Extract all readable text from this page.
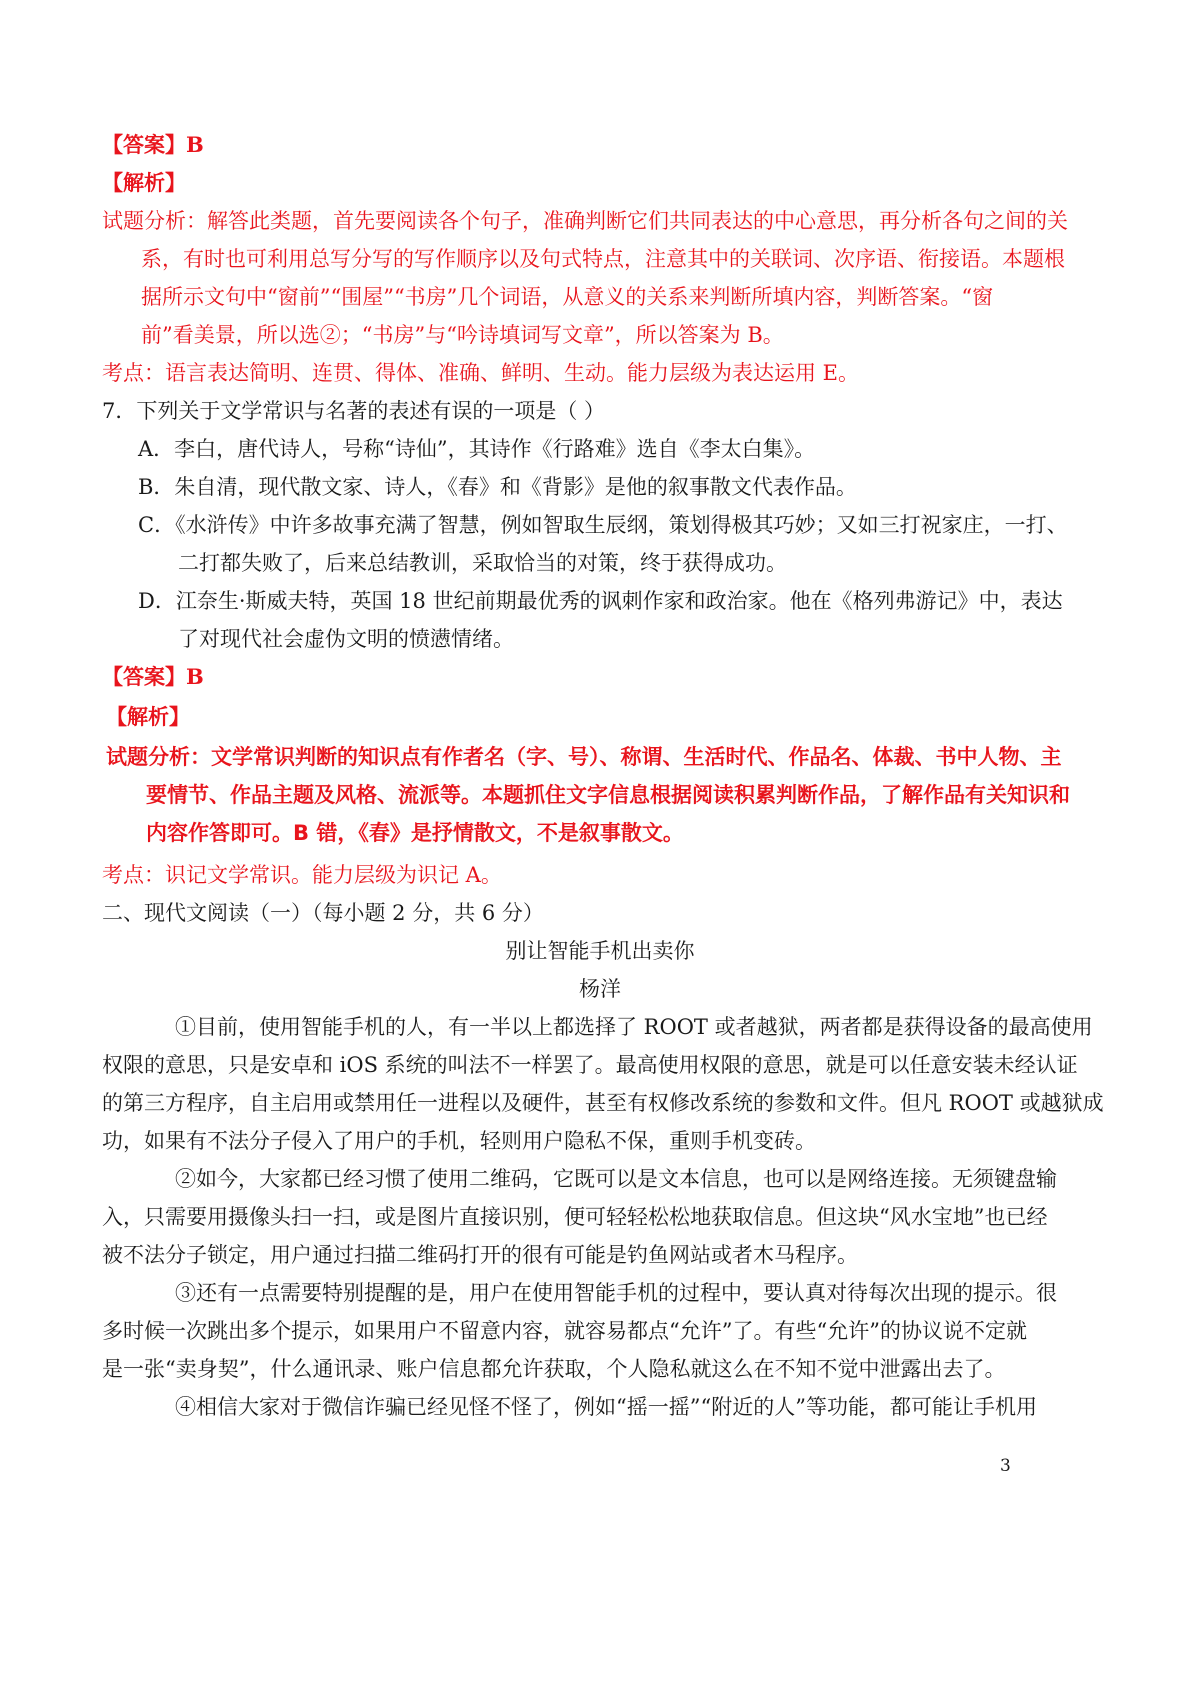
【答案】B
【解析】
试题分析：解答此类题，首先要阅读各个句子，准确判断它们共同表达的中心意思，再分析各句之间的关
系，有时也可利用总写分写的写作顺序以及句式特点，注意其中的关联词、次序语、衔接语。本题根
据所示文句中“窗前”“围屋”“书房”几个词语，从意义的关系来判断所填内容，判断答案。“窗
前”看美景，所以选②；“书房”与“吟诗填词写文章”，所以答案为 B。
考点：语言表达简明、连贯、得体、准确、鲜明、生动。能力层级为表达运用 E。
7．下列关于文学常识与名著的表述有误的一项是（ ）
A．李白，唐代诗人，号称“诗仙”，其诗作《行路难》选自《李太白集》。
B．朱自清，现代散文家、诗人，《春》和《背影》是他的叙事散文代表作品。
C．《水浒传》中许多故事充满了智慧，例如智取生辰纲，策划得极其巧妙；又如三打祝家庄，一打、
二打都失败了，后来总结教训，采取恰当的对策，终于获得成功。
D．江奈生·斯威夫特，英国 18 世纪前期最优秀的讽刺作家和政治家。他在《格列弗游记》中，表达
了对现代社会虚伪文明的愤懑情绪。
【答案】B
【解析】
试题分析：文学常识判断的知识点有作者名（字、号）、称谓、生活时代、作品名、体裁、书中人物、主
要情节、作品主题及风格、流派等。本题抓住文字信息根据阅读积累判断作品，了解作品有关知识和
内容作答即可。B 错，《春》是抒情散文，不是叙事散文。
考点：识记文学常识。能力层级为识记 A。
二、现代文阅读（一）（每小题 2 分，共 6 分）
别让智能手机出卖你
杨洋
①目前，使用智能手机的人，有一半以上都选择了 ROOT 或者越狱，两者都是获得设备的最高使用
权限的意思，只是安卓和 iOS 系统的叫法不一样罢了。最高使用权限的意思，就是可以任意安装未经认证
的第三方程序，自主启用或禁用任一进程以及硬件，甚至有权修改系统的参数和文件。但凡 ROOT 或越狱成
功，如果有不法分子侵入了用户的手机，轻则用户隐私不保，重则手机变砖。
②如今，大家都已经习惯了使用二维码，它既可以是文本信息，也可以是网络连接。无须键盘输
入，只需要用摄像头扫一扫，或是图片直接识别，便可轻轻松松地获取信息。但这块“风水宝地”也已经
被不法分子锁定，用户通过扫描二维码打开的很有可能是钓鱼网站或者木马程序。
③还有一点需要特别提醒的是，用户在使用智能手机的过程中，要认真对待每次出现的提示。很
多时候一次跳出多个提示，如果用户不留意内容，就容易都点“允许”了。有些“允许”的协议说不定就
是一张“卖身契”，什么通讯录、账户信息都允许获取，个人隐私就这么在不知不觉中泄露出去了。
④相信大家对于微信诈骗已经见怪不怪了，例如“摇一摇”“附近的人”等功能，都可能让手机用
3
